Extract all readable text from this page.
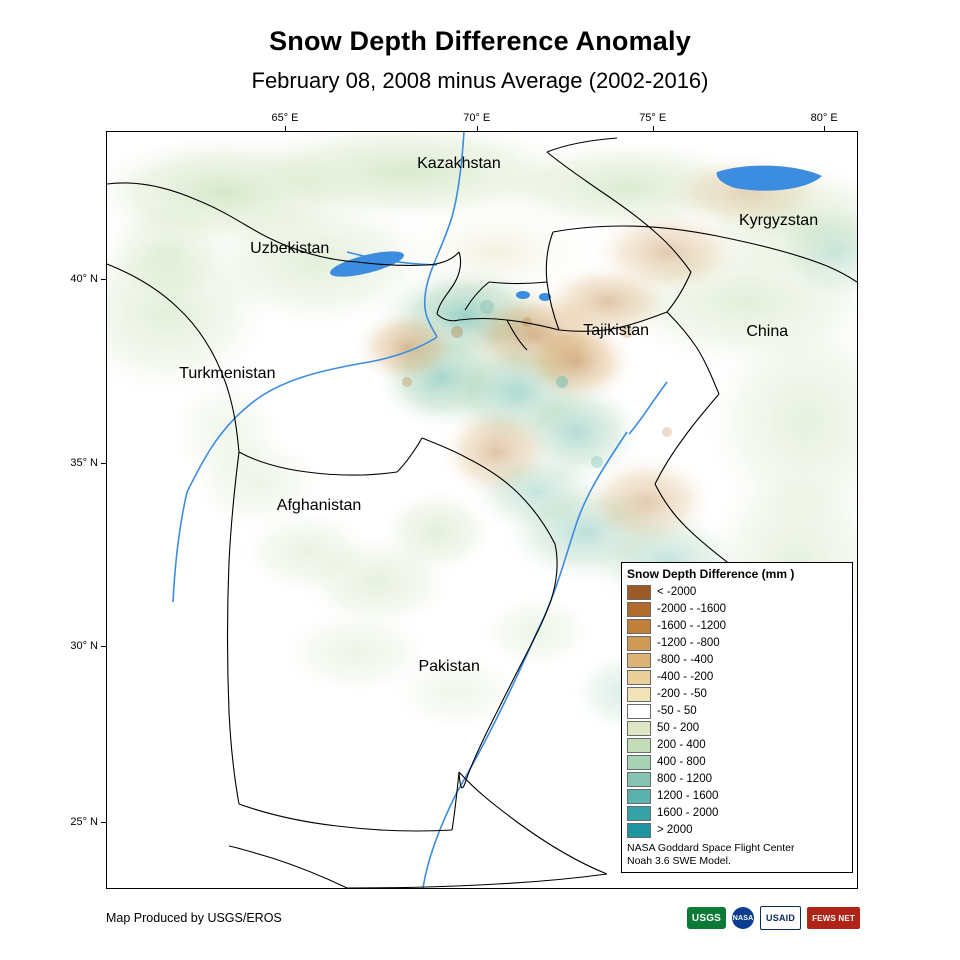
Snow Depth Difference Anomaly
February 08, 2008 minus Average (2002-2016)
65° E	70° E	75° E	80° E
40° N
35° N
30° N
25° N
Kazakhstan
Kyrgyzstan
Uzbekistan
Tajikistan	China
Turkmenistan
Afghanistan
Pakistan
Snow Depth Difference (mm )
< -2000
-2000 - -1600
-1600 - -1200
-1200 - -800
-800 - -400
-400 - -200
-200 - -50
-50 - 50
50 - 200
200 - 400
400 - 800
800 - 1200
1200 - 1600
1600 - 2000
> 2000
NASA Goddard Space Flight Center
Noah 3.6 SWE Model.
Map Produced by USGS/EROS	USGS	NASA	USAID	FEWS NET
